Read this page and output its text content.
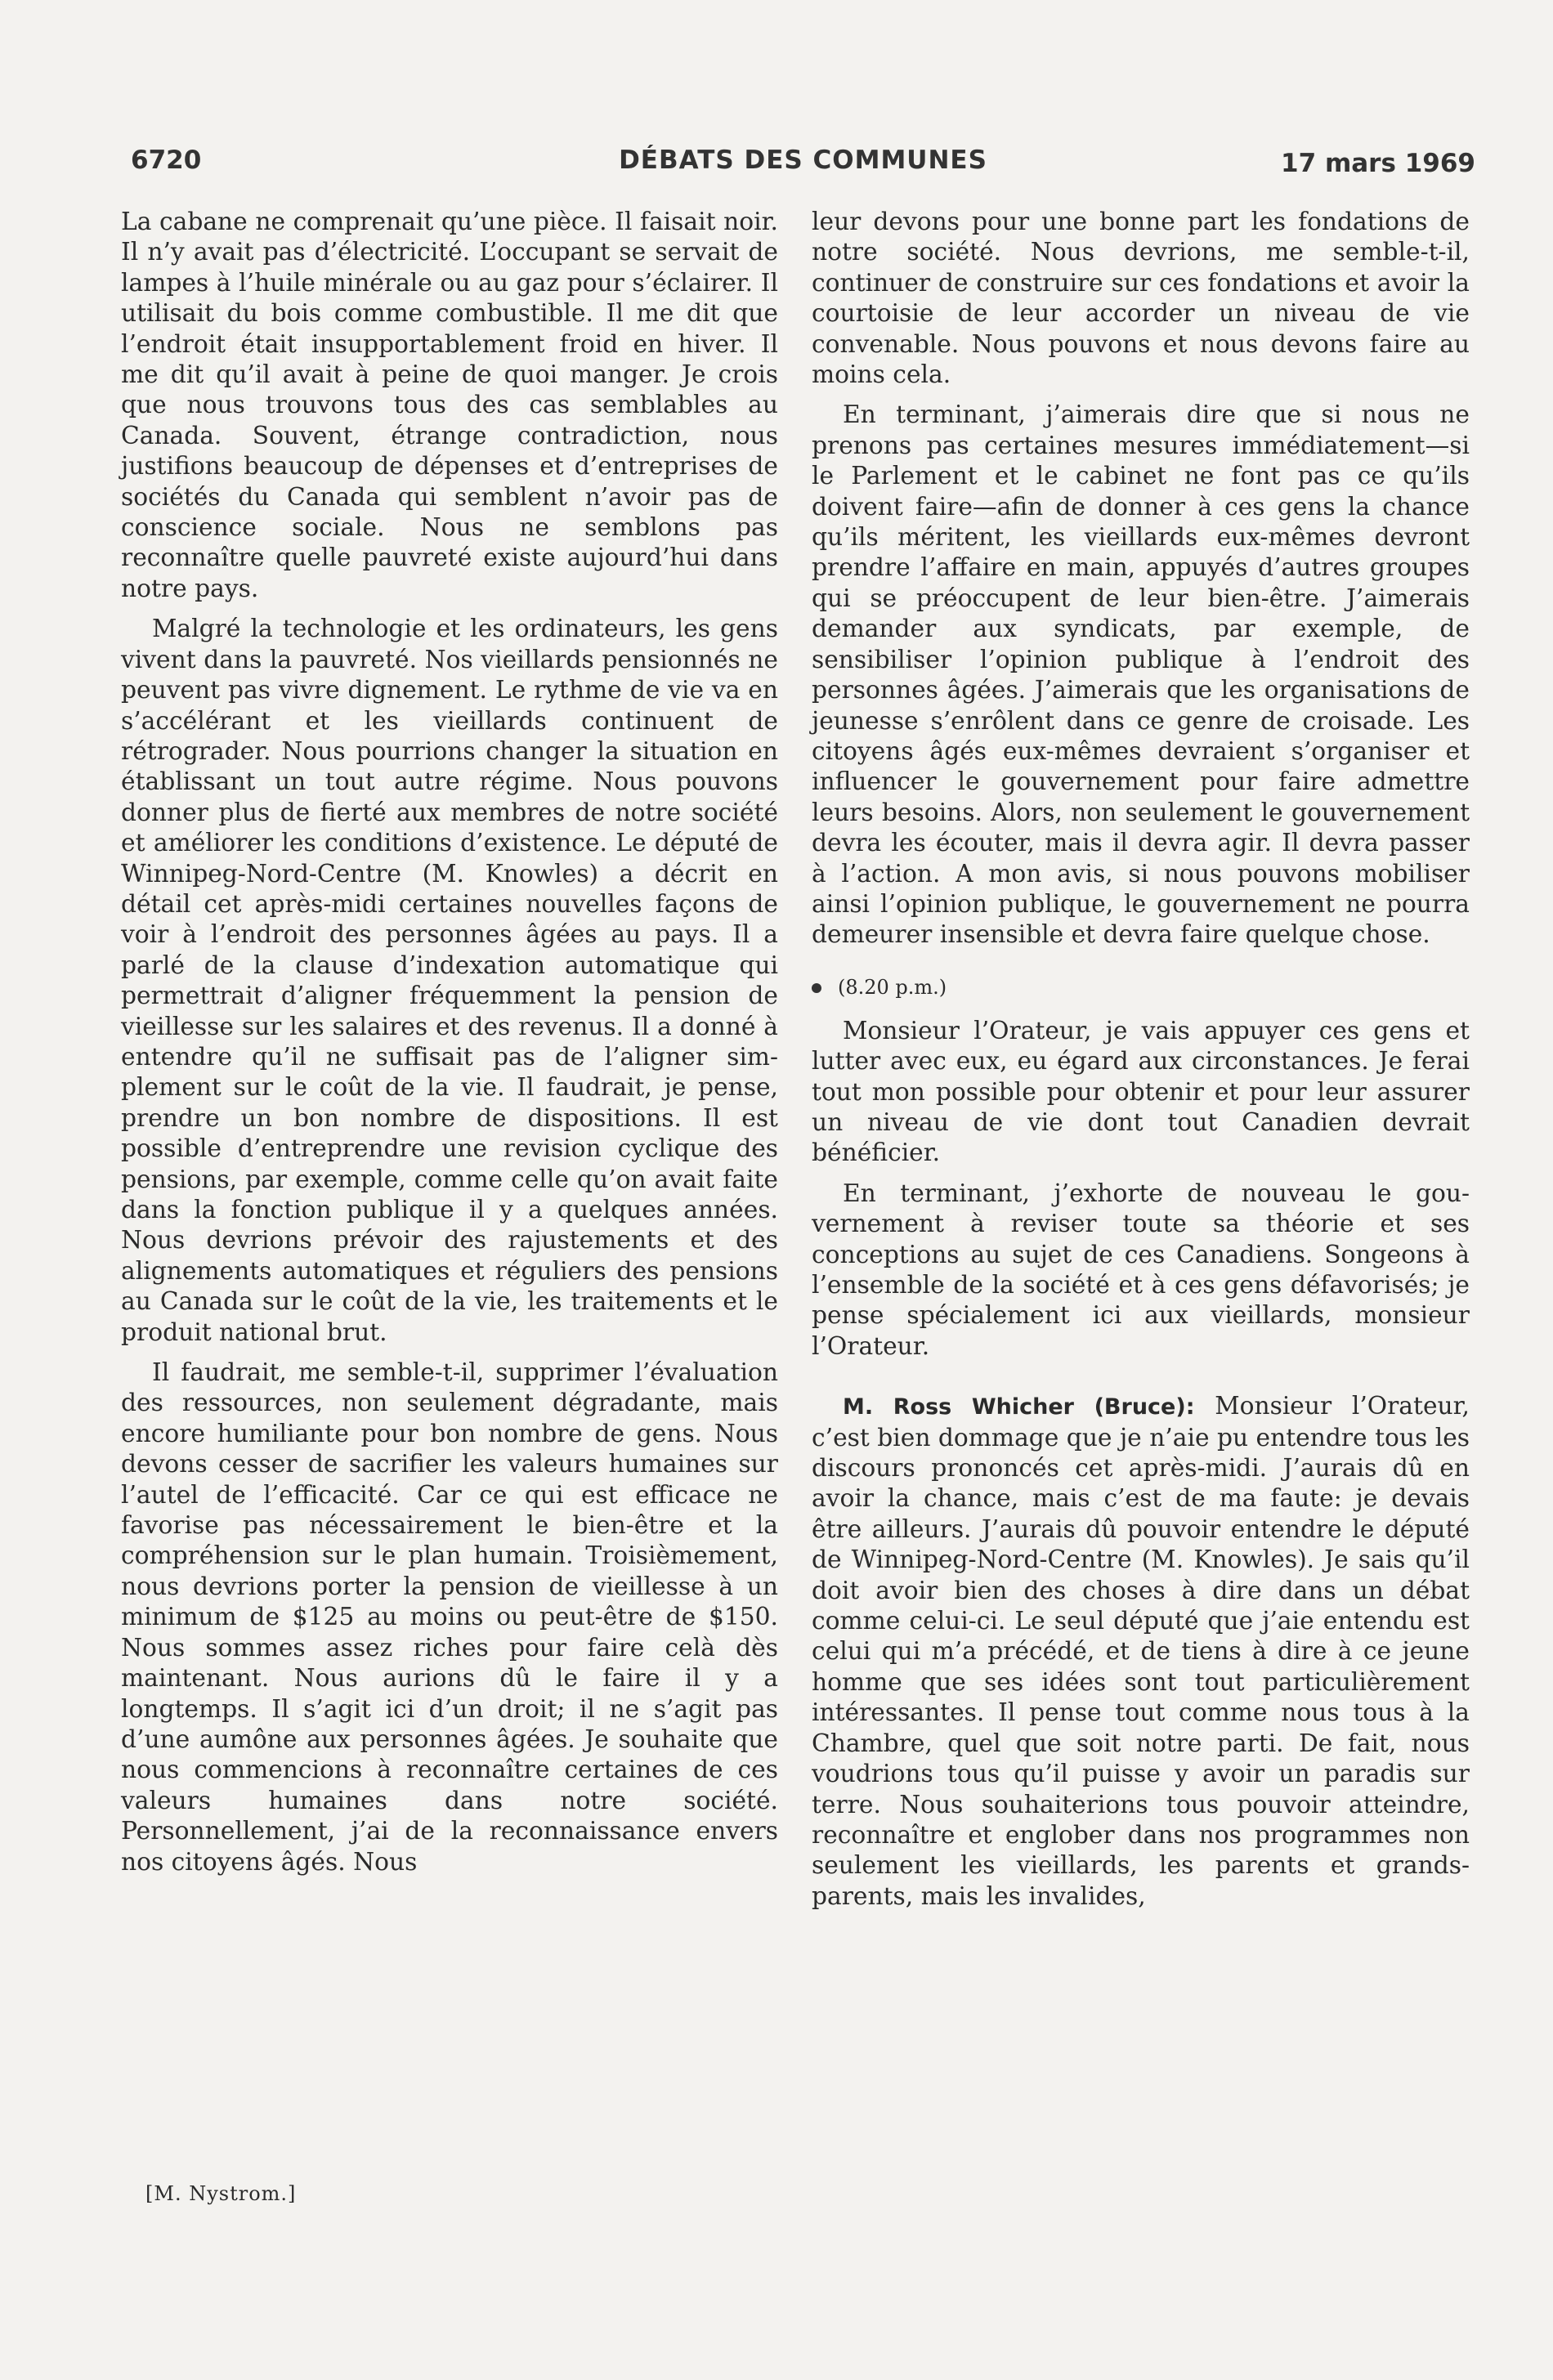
6720	DÉBATS DES COMMUNES	17 mars 1969

La cabane ne comprenait qu’une pièce. Il faisait noir. Il n’y avait pas d’électricité. L’occupant se servait de lampes à l’huile minérale ou au gaz pour s’éclairer. Il utilisait du bois comme combustible. Il me dit que l’endroit était insupportablement froid en hiver. Il me dit qu’il avait à peine de quoi manger. Je crois que nous trouvons tous des cas semblables au Canada. Souvent, étrange contradiction, nous justifions beaucoup de dépenses et d’entreprises de sociétés du Canada qui semblent n’avoir pas de conscience sociale. Nous ne semblons pas reconnaître quelle pauvreté existe aujourd’hui dans notre pays.

Malgré la technologie et les ordinateurs, les gens vivent dans la pauvreté. Nos vieillards pensionnés ne peuvent pas vivre dignement. Le rythme de vie va en s’accélérant et les vieillards continuent de rétrograder. Nous pourrions changer la situation en établissant un tout autre régime. Nous pouvons donner plus de fierté aux membres de notre société et améliorer les conditions d’existence. Le député de Winnipeg-Nord-Centre (M. Knowles) a décrit en détail cet après-midi certaines nouvelles façons de voir à l’endroit des personnes âgées au pays. Il a parlé de la clause d’indexation automatique qui permettrait d’aligner fréquemment la pension de vieillesse sur les salaires et des revenus. Il a donné à entendre qu’il ne suffisait pas de l’aligner simplement sur le coût de la vie. Il faudrait, je pense, prendre un bon nombre de dispositions. Il est possible d’entreprendre une revision cyclique des pensions, par exemple, comme celle qu’on avait faite dans la fonction publique il y a quelques années. Nous devrions prévoir des rajustements et des alignements automatiques et réguliers des pensions au Canada sur le coût de la vie, les traitements et le produit national brut.

Il faudrait, me semble-t-il, supprimer l’évaluation des ressources, non seulement dégradante, mais encore humiliante pour bon nombre de gens. Nous devons cesser de sacrifier les valeurs humaines sur l’autel de l’efficacité. Car ce qui est efficace ne favorise pas nécessairement le bien-être et la compréhension sur le plan humain. Troisièmement, nous devrions porter la pension de vieillesse à un minimum de $125 au moins ou peut-être de $150. Nous sommes assez riches pour faire celà dès maintenant. Nous aurions dû le faire il y a longtemps. Il s’agit ici d’un droit; il ne s’agit pas d’une aumône aux personnes âgées. Je souhaite que nous commencions à reconnaître certaines de ces valeurs humaines dans notre société. Personnellement, j’ai de la reconnaissance envers nos citoyens âgés. Nous

leur devons pour une bonne part les fondations de notre société. Nous devrions, me semble-t-il, continuer de construire sur ces fondations et avoir la courtoisie de leur accorder un niveau de vie convenable. Nous pouvons et nous devons faire au moins cela.

En terminant, j’aimerais dire que si nous ne prenons pas certaines mesures immédiatement—si le Parlement et le cabinet ne font pas ce qu’ils doivent faire—afin de donner à ces gens la chance qu’ils méritent, les vieillards eux-mêmes devront prendre l’affaire en main, appuyés d’autres groupes qui se préoccupent de leur bien-être. J’aimerais demander aux syndicats, par exemple, de sensibiliser l’opinion publique à l’endroit des personnes âgées. J’aimerais que les organisations de jeunesse s’enrôlent dans ce genre de croisade. Les citoyens âgés eux-mêmes devraient s’organiser et influencer le gouvernement pour faire admettre leurs besoins. Alors, non seulement le gouvernement devra les écouter, mais il devra agir. Il devra passer à l’action. A mon avis, si nous pouvons mobiliser ainsi l’opinion publique, le gouvernement ne pourra demeurer insensible et devra faire quelque chose.

(8.20 p.m.)

Monsieur l’Orateur, je vais appuyer ces gens et lutter avec eux, eu égard aux circonstances. Je ferai tout mon possible pour obtenir et pour leur assurer un niveau de vie dont tout Canadien devrait bénéficier.

En terminant, j’exhorte de nouveau le gouvernement à reviser toute sa théorie et ses conceptions au sujet de ces Canadiens. Songeons à l’ensemble de la société et à ces gens défavorisés; je pense spécialement ici aux vieillards, monsieur l’Orateur.

M. Ross Whicher (Bruce): Monsieur l’Orateur, c’est bien dommage que je n’aie pu entendre tous les discours prononcés cet après-midi. J’aurais dû en avoir la chance, mais c’est de ma faute: je devais être ailleurs. J’aurais dû pouvoir entendre le député de Winnipeg-Nord-Centre (M. Knowles). Je sais qu’il doit avoir bien des choses à dire dans un débat comme celui-ci. Le seul député que j’aie entendu est celui qui m’a précédé, et de tiens à dire à ce jeune homme que ses idées sont tout particulièrement intéressantes. Il pense tout comme nous tous à la Chambre, quel que soit notre parti. De fait, nous voudrions tous qu’il puisse y avoir un paradis sur terre. Nous souhaiterions tous pouvoir atteindre, reconnaître et englober dans nos programmes non seulement les vieillards, les parents et grands-parents, mais les invalides,

[M. Nystrom.]
